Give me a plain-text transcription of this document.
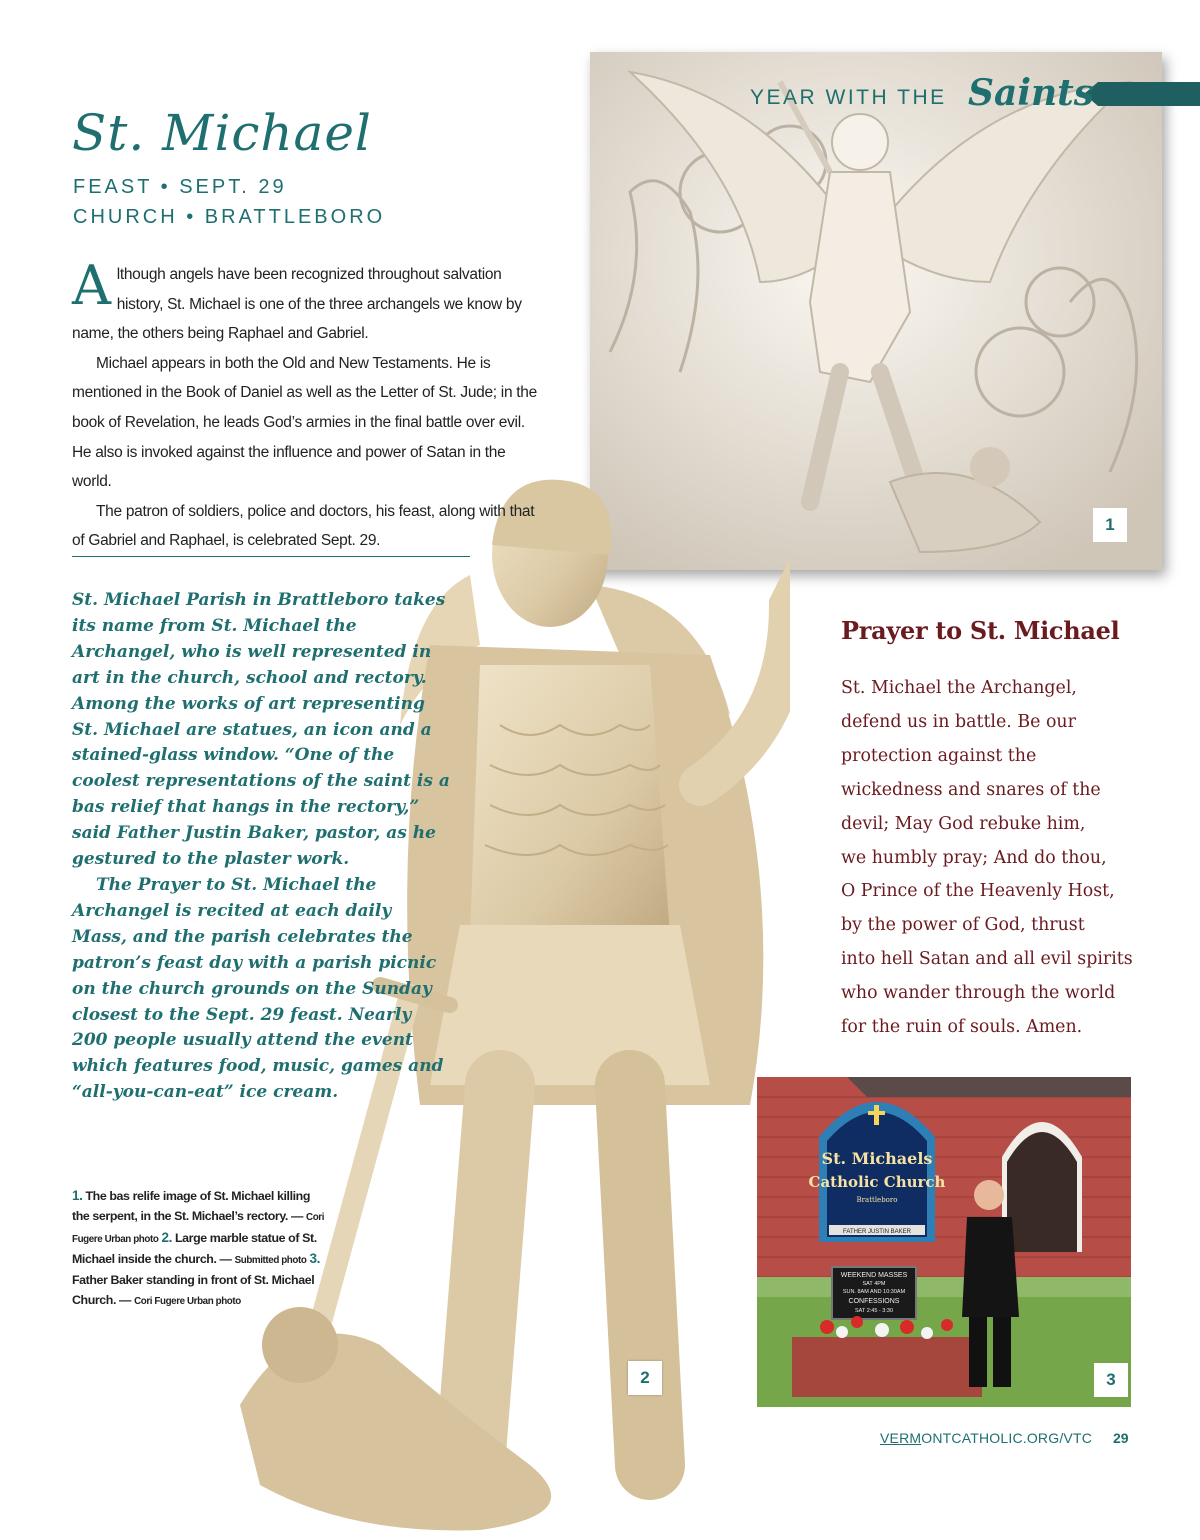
YEAR WITH THE Saints
FATHER JUSTIN BAKER
St. Michaels
Catholic Church
Brattleboro
WEEKEND MASSES
SAT 4PM
SUN. 8AM AND 10:30AM
CONFESSIONS
SAT 2:45 - 3:30
St. Michael
FEAST • SEPT. 29
CHURCH • BRATTLEBORO

Although angels have been recognized throughout salvation history, St. Michael is one of the three archangels we know by name, the others being Raphael and Gabriel.

Michael appears in both the Old and New Testaments. He is mentioned in the Book of Daniel as well as the Letter of St. Jude; in the book of Revelation, he leads God’s armies in the final battle over evil. He also is invoked against the influence and power of Satan in the world.

The patron of soldiers, police and doctors, his feast, along with that of Gabriel and Raphael, is celebrated Sept. 29.

St. Michael Parish in Brattleboro takes its name from St. Michael the Archangel, who is well represented in art in the church, school and rectory. Among the works of art representing St. Michael are statues, an icon and a stained-glass window. “One of the coolest representations of the saint is a bas relief that hangs in the rectory,” said Father Justin Baker, pastor, as he gestured to the plaster work.

The Prayer to St. Michael the Archangel is recited at each daily Mass, and the parish celebrates the patron’s feast day with a parish picnic on the church grounds on the Sunday closest to the Sept. 29 feast. Nearly 200 people usually attend the event which features food, music, games and “all-you-can-eat” ice cream.

1. The bas relife image of St. Michael killing the serpent, in the St. Michael’s rectory. — Cori Fugere Urban photo 2. Large marble statue of St. Michael inside the church. — Submitted photo 3. Father Baker standing in front of St. Michael Church. — Cori Fugere Urban photo
Prayer to St. Michael
St. Michael the Archangel,
defend us in battle. Be our
protection against the
wickedness and snares of the
devil; May God rebuke him,
we humbly pray; And do thou,
O Prince of the Heavenly Host,
by the power of God, thrust
into hell Satan and all evil spirits
who wander through the world
for the ruin of souls. Amen.
1
2	3
VERMONTCATHOLIC.ORG/VTC 29
